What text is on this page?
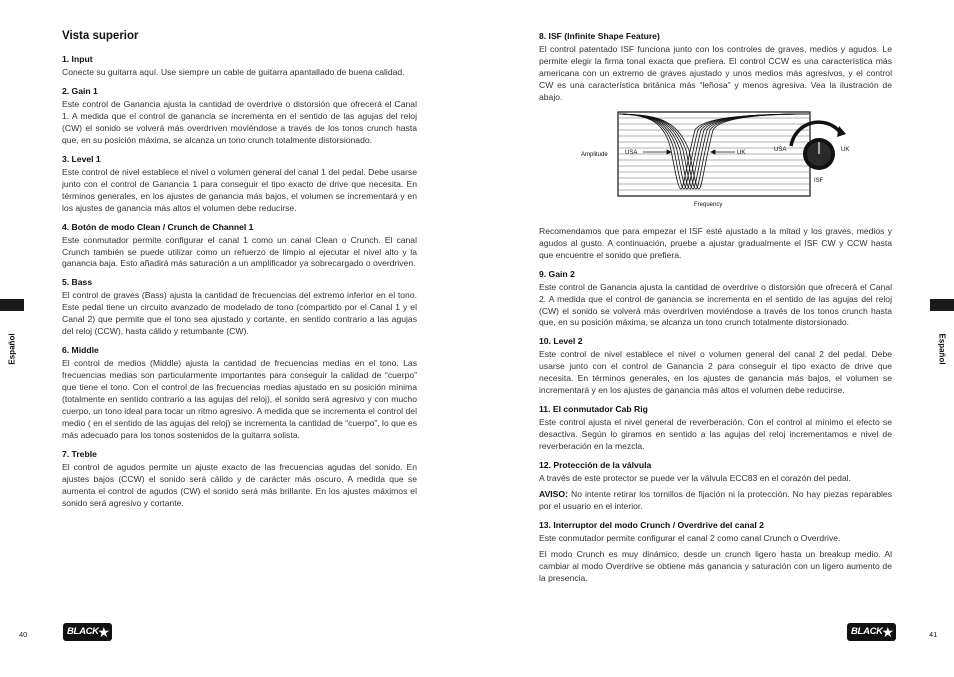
Vista superior
1. Input

Conecte su guitarra aquí. Use siempre un cable de guitarra apantallado de buena calidad.

2. Gain 1

Este control de Ganancia ajusta la cantidad de overdrive o distorsión que ofrecerá el Canal 1. A medida que el control de ganancia se incrementa en el sentido de las agujas del reloj (CW) el sonido se volverá más overdriven moviéndose a través de los tonos crunch hasta que, en su posición máxima, se alcanza un tono crunch totalmente distorsionado.

3. Level 1

Este control de nivel establece el nivel o volumen general del canal 1 del pedal. Debe usarse junto con el control de Ganancia 1 para conseguir el tipo exacto de drive que necesita. En términos generales, en los ajustes de ganancia más bajos, el volumen se incrementará y en los ajustes de ganancia más altos el volumen debe reducirse.

4. Botón de modo Clean / Crunch de Channel 1

Este conmutador permite configurar el canal 1 como un canal Clean o Crunch. El canal Crunch también se puede utilizar como un refuerzo de limpio al ejecutar el nivel alto y la ganancia baja. Esto añadirá más saturación a un amplificador ya sobrecargado o overdriven.

5. Bass

El control de graves (Bass) ajusta la cantidad de frecuencias del extremo inferior en el tono. Este pedal tiene un circuito avanzado de modelado de tono (compartido por el Canal 1 y el Canal 2) que permite que el tono sea ajustado y cortante, en sentido contrario a las agujas del reloj (CCW), hasta cálido y retumbante (CW).

6. Middle

El control de medios (Middle) ajusta la cantidad de frecuencias medias en el tono. Las frecuencias medias son particularmente importantes para conseguir la calidad de “cuerpo” que tiene el tono. Con el control de las frecuencias medias ajustado en su posición mínima (totalmente en sentido contrario a las agujas del reloj), el sonido será agresivo y con mucho cuerpo, un tono ideal para tocar un ritmo agresivo. A medida que se incrementa el control del medio ( en el sentido de las agujas del reloj) se incrementa la cantidad de “cuerpo”, lo que es más adecuado para los tonos sostenidos de la guitarra solista.

7. Treble

El control de agudos permite un ajuste exacto de las frecuencias agudas del sonido. En ajustes bajos (CCW) el sonido será cálido y de carácter más oscuro. A medida que se aumenta el control de agudos (CW) el sonido será más brillante. En los ajustes máximos el sonido será agresivo y cortante.

Español
40	BLACK
★
8. ISF (Infinite Shape Feature)

El control patentado ISF funciona junto con los controles de graves, medios y agudos. Le permite elegir la firma tonal exacta que prefiera. El control CCW es una característica más americana con un extremo de graves ajustado y unos medios más agresivos, y el control CW es una característica británica más “leñosa” y menos agresiva. Vea la ilustración de abajo.

USA	UK
Amplitude
Frequency
USA	UK
ISF

Recomendamos que para empezar el ISF esté ajustado a la mitad y los graves, medios y agudos al gusto. A continuación, pruebe a ajustar gradualmente el ISF CW y CCW hasta que encuentre el sonido que prefiera.

9. Gain 2

Este control de Ganancia ajusta la cantidad de overdrive o distorsión que ofrecerá el Canal 2. A medida que el control de ganancia se incrementa en el sentido de las agujas del reloj (CW) el sonido se volverá más overdriven moviéndose a través de los tonos crunch hasta que, en su posición máxima, se alcanza un tono crunch totalmente distorsionado.

10. Level 2

Este control de nivel establece el nivel o volumen general del canal 2 del pedal. Debe usarse junto con el control de Ganancia 2 para conseguir el tipo exacto de drive que necesita. En términos generales, en los ajustes de ganancia más bajos, el volumen se incrementará y en los ajustes de ganancia más altos el volumen debe reducirse.

11. El conmutador Cab Rig

Este control ajusta el nivel general de reverberación. Con el control al mínimo el efecto se desactiva. Según lo giramos en sentido a las agujas del reloj incrementamos e nivel de reverberación en la mezcla.

12. Protección de la válvula

A través de este protector se puede ver la válvula ECC83 en el corazón del pedal.

AVISO: No intente retirar los tornillos de fijación ni la protección. No hay piezas reparables por el usuario en el interior.

13. Interruptor del modo Crunch / Overdrive del canal 2

Este conmutador permite configurar el canal 2 como canal Crunch o Overdrive.

El modo Crunch es muy dinámico, desde un crunch ligero hasta un breakup medio. Al cambiar al modo Overdrive se obtiene más ganancia y saturación con un ligero aumento de la presencia.

Español
41
BLACK
★
